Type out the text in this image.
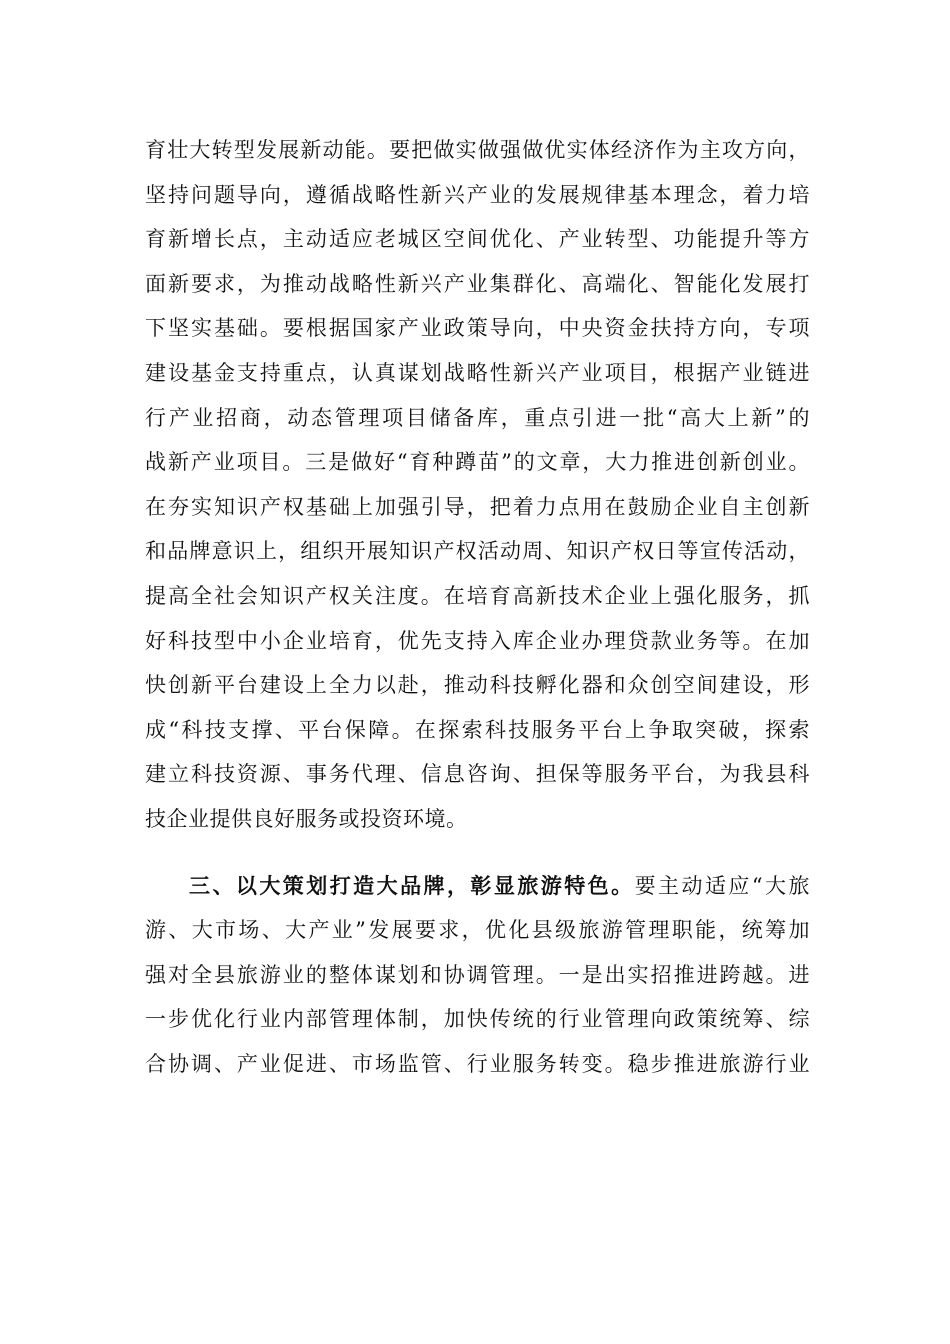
育壮大转型发展新动能。要把做实做强做优实体经济作为主攻方向，
坚持问题导向，遵循战略性新兴产业的发展规律基本理念，着力培
育新增长点，主动适应老城区空间优化、产业转型、功能提升等方
面新要求，为推动战略性新兴产业集群化、高端化、智能化发展打
下坚实基础。要根据国家产业政策导向，中央资金扶持方向，专项
建设基金支持重点，认真谋划战略性新兴产业项目，根据产业链进
行产业招商，动态管理项目储备库，重点引进一批“高大上新”的
战新产业项目。三是做好“育种蹲苗”的文章，大力推进创新创业。
在夯实知识产权基础上加强引导，把着力点用在鼓励企业自主创新
和品牌意识上，组织开展知识产权活动周、知识产权日等宣传活动，
提高全社会知识产权关注度。在培育高新技术企业上强化服务，抓
好科技型中小企业培育，优先支持入库企业办理贷款业务等。在加
快创新平台建设上全力以赴，推动科技孵化器和众创空间建设，形
成“科技支撑、平台保障。在探索科技服务平台上争取突破，探索
建立科技资源、事务代理、信息咨询、担保等服务平台，为我县科
技企业提供良好服务或投资环境。
三、以大策划打造大品牌，彰显旅游特色。要主动适应“大旅
游、大市场、大产业”发展要求，优化县级旅游管理职能，统筹加
强对全县旅游业的整体谋划和协调管理。一是出实招推进跨越。进
一步优化行业内部管理体制，加快传统的行业管理向政策统筹、综
合协调、产业促进、市场监管、行业服务转变。稳步推进旅游行业
